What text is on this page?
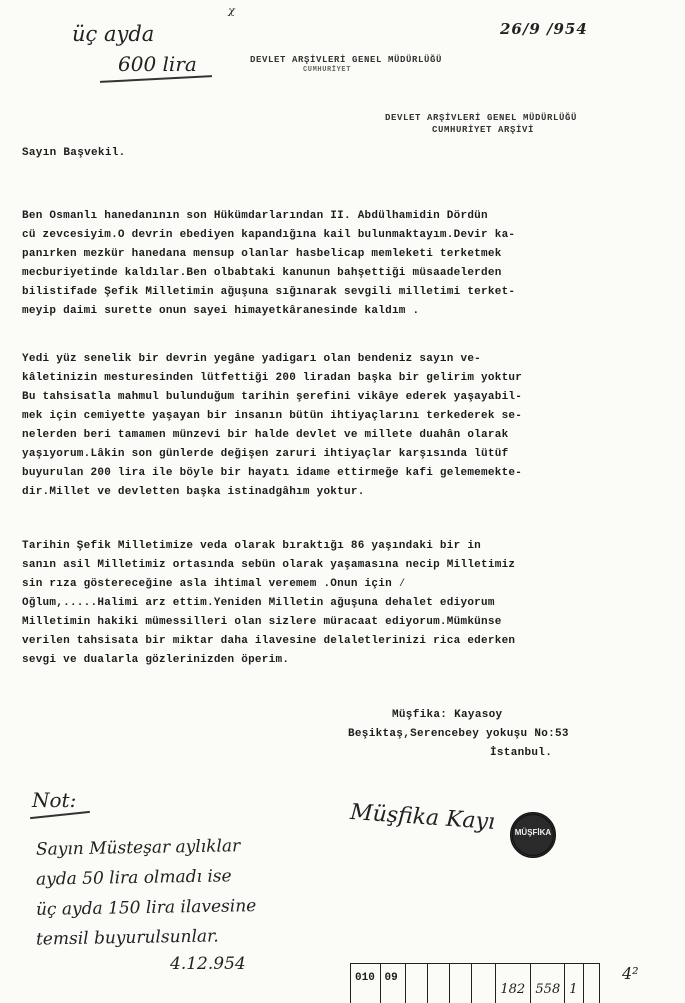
üç ayda
600 lira
ᵡ
26/9 /954
DEVLET ARŞİVLERİ GENEL MÜDÜRLÜĞÜ
CUMHURİYET
DEVLET ARŞİVLERİ GENEL MÜDÜRLÜĞÜ
CUMHURİYET ARŞİVİ
Sayın Başvekil.
Ben Osmanlı hanedanının son Hükümdarlarından II. Abdülhamidin Dördün
cü zevcesiyim.O devrin ebediyen kapandığına kail bulunmaktayım.Devir ka-
panırken mezkür hanedana mensup olanlar hasbelicap memleketi terketmek
mecburiyetinde kaldılar.Ben olbabtaki kanunun bahşettiği müsaadelerden
bilistifade Şefik Milletimin ağuşuna sığınarak sevgili milletimi terket-
meyip daimi surette onun sayei himayetkâranesinde kaldım .
Yedi yüz senelik bir devrin yegâne yadigarı olan bendeniz sayın ve-
kâletinizin mesturesinden lütfettiği 200 liradan başka bir gelirim yoktur
Bu tahsisatla mahmul bulunduğum tarihin şerefini vikâye ederek yaşayabil-
mek için cemiyette yaşayan bir insanın bütün ihtiyaçlarını terkederek se-
nelerden beri tamamen münzevi bir halde devlet ve millete duahân olarak
yaşıyorum.Lâkin son günlerde değişen zaruri ihtiyaçlar karşısında lütüf
buyurulan 200 lira ile böyle bir hayatı idame ettirmeğe kafi gelememekte-
dir.Millet ve devletten başka istinadgâhım yoktur.
Tarihin Şefik Milletimize veda olarak bıraktığı 86 yaşındaki bir in
sanın asil Milletimiz ortasında sebün olarak yaşamasına necip Milletimiz
sin rıza göstereceğine asla ihtimal veremem .Onun için ⁄
Oğlum,.....Halimi arz ettim.Yeniden Milletin ağuşuna dehalet ediyorum
Milletimin hakiki mümessilleri olan sizlere müracaat ediyorum.Mümkünse
verilen tahsisata bir miktar daha ilavesine delaletlerinizi rica ederken
sevgi ve dualarla gözlerinizden öperim.
Müşfika: Kayasoy
Beşiktaş,Serencebey yokuşu No:53
İstanbul.
Müşfika Kayı MÜŞFİKA
Not:
Sayın Müsteşar aylıklar
ayda 50 lira olmadı ise
üç ayda 150 lira ilavesine
temsil buyurulsunlar.
4.12.954
010 09
182 558 1
4²
